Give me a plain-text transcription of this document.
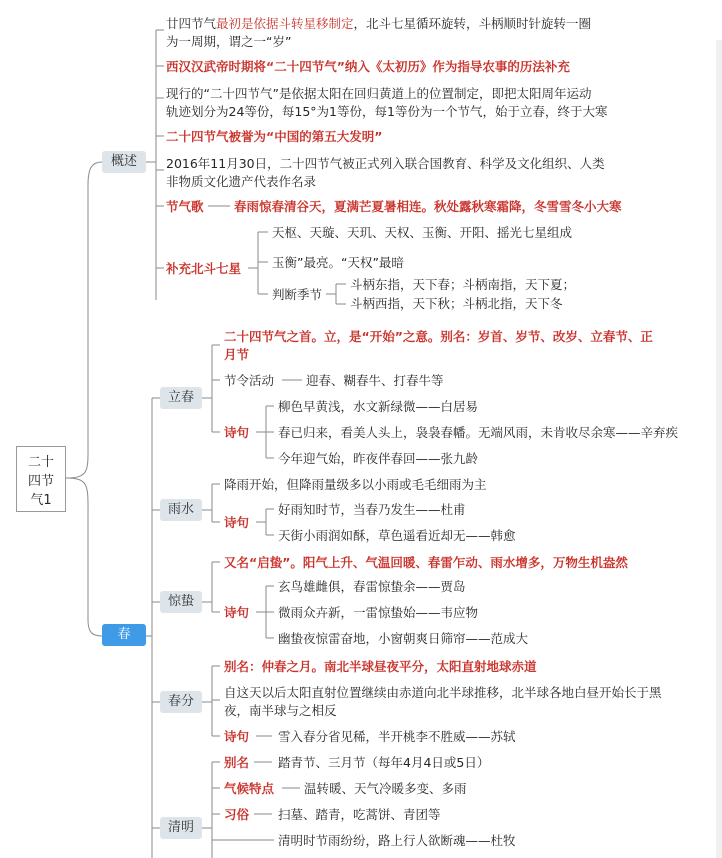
二十
四节
气1
概述
廿四节气最初是依据斗转星移制定，北斗七星循环旋转，斗柄顺时针旋转一圈
为一周期，谓之一“岁”
西汉汉武帝时期将“二十四节气”纳入《太初历》作为指导农事的历法补充
现行的“二十四节气”是依据太阳在回归黄道上的位置制定，即把太阳周年运动
轨迹划分为24等份，每15°为1等份，每1等份为一个节气，始于立春，终于大寒
二十四节气被誉为“中国的第五大发明”
2016年11月30日，二十四节气被正式列入联合国教育、科学及文化组织、人类
非物质文化遗产代表作名录
节气歌 春雨惊春清谷天，夏满芒夏暑相连。秋处露秋寒霜降，冬雪雪冬小大寒
补充北斗七星
天枢、天璇、天玑、天权、玉衡、开阳、摇光七星组成
玉衡”最亮。“天权”最暗
判断季节
斗柄东指，天下春；斗柄南指，天下夏；
斗柄西指，天下秋；斗柄北指，天下冬
春
立春
二十四节气之首。立，是“开始”之意。别名：岁首、岁节、改岁、立春节、正
月节
节令活动	迎春、糊春牛、打春牛等
诗句
柳色早黄浅，水文新绿微——白居易
春已归来，看美人头上，袅袅春幡。无端风雨，未肯收尽余寒——辛弃疾
今年迎气始，昨夜伴春回——张九龄
雨水
降雨开始，但降雨量级多以小雨或毛毛细雨为主
诗句
好雨知时节，当春乃发生——杜甫
天街小雨润如酥，草色遥看近却无——韩愈
惊蛰
又名“启蛰”。阳气上升、气温回暖、春雷乍动、雨水增多，万物生机盎然
诗句
玄鸟雄雌俱，春雷惊蛰余——贾岛
微雨众卉新，一雷惊蛰始——韦应物
幽蛰夜惊雷奋地，小窗朝爽日筛帘——范成大
春分
别名：仲春之月。南北半球昼夜平分，太阳直射地球赤道
自这天以后太阳直射位置继续由赤道向北半球推移，北半球各地白昼开始长于黑
夜，南半球与之相反
诗句 雪入春分省见稀，半开桃李不胜威——苏轼
清明
别名 踏青节、三月节（每年4月4日或5日）
气候特点 温转暖、天气冷暖多变、多雨
习俗 扫墓、踏青，吃蒿饼、青团等
清明时节雨纷纷，路上行人欲断魂——杜牧
